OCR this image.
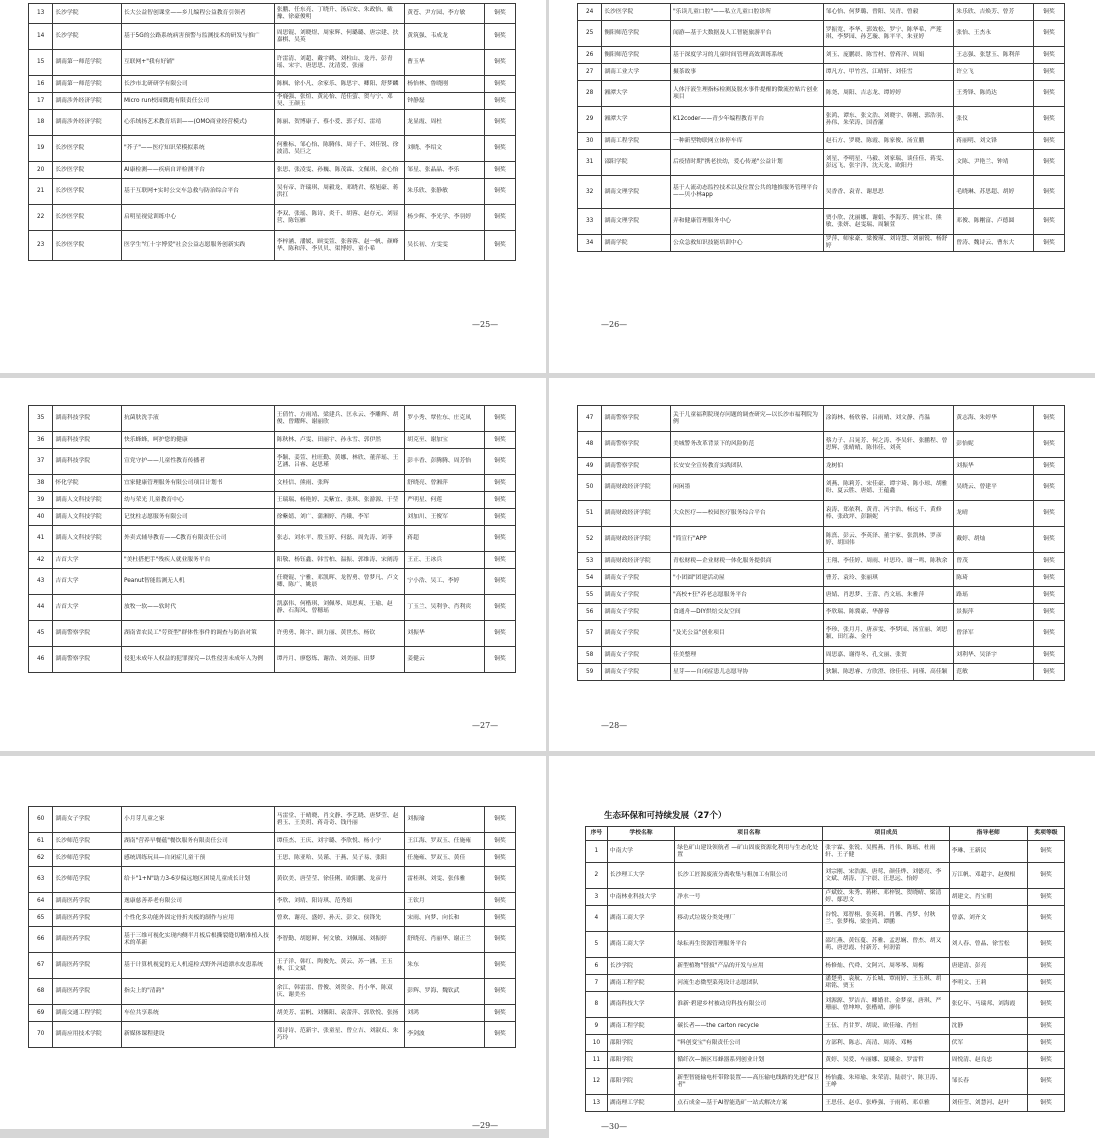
13	长沙学院	长大公益智创课堂——乡儿编程公益教育引领者	张鹏、任东亮、丁晓升、汤启安、朱政怡、戴豫、徐豪俊明	黄苍、尹方园、李方敏	铜奖
14	长沙学院	基于5G的公路系统病害预警与监测技术的研发与推广	周思锟、刘晓煜、周家辉、何璐璐、唐宗建、扶嘉棋、吴英	黄筑强、韦成龙	铜奖
15	湖南第一师范学院	互联网+"我有好铺"	许雷清、刘超、戴宇鹤、刘柱山、龙丹、彭青瑶、宋宇、唐思思、沈清爱、张丽	曹玉华	铜奖
16	湖南第一师范学院	长沙市北研研学有限公司	陈枫、徐小凡、余家乐、陈思宇、卿阳、舒梦麟	杨怡林、鲁晓刚	铜奖
17	湖南涉外经济学院	Micro run校园微跑有限责任公司	李鹿强、张煊、黄沁怡、范佳萤、贺与宁、邓昊、王颜玉	钟静磊	铜奖
18	湖南涉外经济学院	心乐绒扬艺术教育培训——(OMO商业经营模式)	陈丽、贺博康子、蔡小爱、郭子灯、雷靖	龙显霞、周杜	铜奖
19	长沙医学院	"芥子"——医疗知识荣模拟系统	何雅标、邹心怡、陈腾伟、周子千、刘佳锐、徐波清、吴巨之	刘晓、李绍文	铜奖
20	长沙医学院	AI康检测——疾病自评检测平台	张思、张凌雯、孙巍、陈茂霖、文佩琪、金心怡	邹星、张晶晶、李乐	铜奖
21	长沙医学院	基于互联网+实时公交车急救与防治综合平台	吴有帝、许瑞琪、周毅龙、邓晓君、蔡旭豪、蒋洪扛	朱乐欣、张静敏	铜奖
22	长沙医学院	启明星视觉训练中心	李双、张瑶、陈诗、炎千、胡蓉、赵存元、刘显营、陈钰雁	杨少辉、李光学、李羽婷	铜奖
23	长沙医学院	医学生"红十字博爱"社会公益志愿服务创新实践	李梓涵、潘媛、顾雯萱、张蓉蓉、赵一帆、颜峰华、陈和萍、李贝贝、渠博婷、童小希	吴长初、方雯雯	铜奖
—25—
24	长沙医学院	"乐读儿童口腔"——私立儿童口腔诊所	邹心怡、何梦璐、曾阳、吴青、曾毅	朱乐欣、吉焕芳、曾芳	铜奖
25	衡阳师范学院	闻游—基于大数据及人工智能旅游平台	罗振宽、李华、郭效松、罗宁、陈华希、严莲琪、李梦园、孙艺璇、陈平平、朱亚婷	张怡、王杰永	铜奖
26	衡阳师范学院	基于深度学习的儿童时间管理高效训练系统	刘玉、庞鹏晨、陈雪村、曾蒋洋、周娟	王志强、张慧玉、陈利萍	铜奖
27	湖南工业大学	摄茶故事	谭凡方、甲竹宫、江晴轩、刘佳雪	许立飞	铜奖
28	湘潭大学	人体汗液生理指标检测及脱水事件提醒的微流控贴片创业项目	陈尧、周阳、吉志龙、谭婷婷	王秀锋、陈尚达	铜奖
29	湘潭大学	K12coder——青少年编程教育平台	张鸿、谭东、张文浩、刘晓宇、韩刚、郭浩羽、孙伟、朱荣涛、国香灌	张仪	铜奖
30	湖南工程学院	一种新型物联网立体停车库	赵石方、罗晓、陈霞、陈家俊、汤宣鹏	蒋丽明、刘文锋	铜奖
31	邵阳学院	后疫情时期"携老扶幼，爱心传递"公益计划	刘星、李明星、马毅、刘家瑞、谈佳佳、蒋雯、彭远飞、张宇洋、沈天龙、欧阳丹	文陈、尹艳兰、钟靖	铜奖
32	湖南文理学院	基于人流动态监控技术以及位置公共的地推服务管理平台——贝小林app	吴香香、袁青、谢思思	毛晓琳、苏思超、胡婷	铜奖
33	湖南文理学院	弄和健康管理服务中心	贾小欣、沈丽娜、谢娟、李海芳、熊宝君、熊敏、张妍、赵雯瑞、周颖萱	邓俊、陈剛富、卢德圆	铜奖
34	湖南学院	公众急救知识技能培训中心	罗萍、师家豪、梁俊瑾、刘诗慧、刘丽锐、杨舒婷	曾涛、魏诗云、曹东大	铜奖
—26—
35	湖南科技学院	抗菌肤洗手液	王倩竹、方雨靖、梁建兵、匡永云、李雕辉、胡俊、曾耀辉、谢丽欣	罗小秀、覃佐东、庄克凤	铜奖
36	湖南科技学院	快乐蜂蜂，呵护您的健康	陈秋林、卢雯、田丽宇、孙永雪、郭伊然	胡克至、谢加宝	铜奖
37	湖南科技学院	宣党守护——儿童性教育传播者	李颖、姜萱、杜旺勤、黄娜、林欣、董萍瑶、王艺涵、吕睿、赵思瑾	彭丰香、彭腾腾、周芳怡	铜奖
38	怀化学院	宜家健康管理服务有限公司项目计划书	文桂信、熊雨、张辉	舒晓亮、曾湘萍	铜奖
39	湖南人文科技学院	幼与荣光 儿童教育中心	王瑞瑞、杨艳婷、关紫宜、张琪、张游源、于莹	严明星、何莲	铜奖
40	湖南人文科技学院	记忱柱志愿服务有限公司	徐紫婧、刘广、蒲湘婷、肖娥、李军	刘加川、王俊军	铜奖
41	湖南人文科技学院	外卖式辅导教育——C教育有限责任公司	张志、刘水平、殷玉婷、何磊、周先涛、刘菲	蒋超	铜奖
42	吉首大学	"美杜搭把手"残疾人就业服务平台	阳敬、杨钰鑫、韩雪柏、温振、郭维涛、宋阐涛	王正、王冰兵	铜奖
43	吉首大学	Peanut智能监测无人机	任晓锟、宁雅、邓凯晖、龙智勇、曾梦凡、卢文卿、陈广、姚晨	宁小浩、吴工、李婷	铜奖
44	吉首大学	放牧一软——软时代	凯嘉伟、何楷琪、刘佩琴、周思爽、王瑜、赵静、石海风、曾穗瑶	丁玉兰、吴利争、肖利宾	铜奖
45	湖南警察学院	湖南省农民工"劳资型"群体性事件的调查与防治对策	许勇勇、陈宇、顾力丽、黄世杰、杨钦	刘振华	铜奖
46	湖南警察学院	侵犯未成年人权益的犯罪探究—以性侵害未成年人为例	谭丹月、廖悠炼、谢浩、刘美丽、田梦	姜健云	铜奖
—27—
47	湖南警察学院	关于儿童福利院现存问题的调查研究—以长沙市福利院为例	涂海林、杨欣蓉、吕雨晴、刘文静、肖温	黄志海、朱婷华	铜奖
48	湖南警察学院	美城警务改革背景下的风险防范	蔡力子、吕晃芳、何之涛、李吴轩、张鹏程、曾思辉、张晴晴、陈伟佳、刘英	彭怡妮	铜奖
49	湖南警察学院	长安安全宣传教育实践团队	龙树伯	刘振华	铜奖
50	湖南财政经济学院	闲闲墨	刘燕、陈莉芳、宋佳豪、谭宇琦、陈小琼、胡雅纷、夏云胜、唐婧、王蕴鑫	吴晓云、曾建平	铜奖
51	湖南财政经济学院	大众医疗——校园医疗服务综合平台	袁涛、郑依利、黄青、冯宇浩、杨远千、黄修棒、张政坪、彭颖妮	龙晴	铜奖
52	湖南财政经济学院	"简宣行"APP	陈熹、彭云、李英泽、董宇家、张凯林、罗彦婷、胡国伟	戴婷、胡灿	铜奖
53	湖南财政经济学院	青松财税—企业财税一体化服务提供商	王翔、李佳婷、周雨、叶思玲、谢一鸣、陈秋余	曾茂	铜奖
54	湖南女子学院	"小团圆"团建活动屋	曹芳、袁玲、张丽琪	陈琦	铜奖
55	湖南女子学院	"高校+狂"养老志愿服务平台	唐婧、肖思梦、王蕾、肖文瑶、朱雅萍	路瑶	铜奖
56	湖南女子学院	食通舟—DIY烘焙交友空间	李欣瑞、陈冀豪、华静蓉	景振萍	铜奖
57	湖南女子学院	"及光公益"创业项目	李珍、张月月、唐彦雯、李梦园、汤宣丽、刘思颖、田红淼、金丹	曾泽军	铜奖
58	湖南女子学院	佳美整理	周思嘉、谢得冬、孔文丽、张贺	刘利华、吴泽宇	铜奖
59	湖南女子学院	星芽——自闭症患儿志愿导协	狄颖、陈思睿、方欣澄、徐佳佳、同瑾、高佳颖	范敏	铜奖
—28—
60	湖南女子学院	小月芽儿童之家	马雷堂、于晴晓、肖文静、李艺晓、唐梦莹、赵碧玉、王美玥、蒋奇奇、钱丹丽	刘振瑜	铜奖
61	长沙师范学院	湖南"营养早餐蕴"餐饮服务有限责任公司	谭佳杰、王庆、刘宇璐、李欣悦、杨小宁	王江海、罗双玉、任施雍	铜奖
62	长沙师范学院	感统训练玩具—自闭症儿童干预	王思、陈亚哈、吴谨、于燕、吴子易、张阳	任施雍、罗双玉、黄佳	铜奖
63	长沙师范学院	给卡"1+N"助力3-6岁偏远地区困境儿童成长计划	黄钦美、唐莹莹、徐佳俐、欧阳鹏、龙彦丹	雷桂琪、刘雯、张伟雅	铜奖
64	湖南医药学院	逸康慈善养老有限公司	李欣、刘靖、阳诗琪、范秀娟	王钦月	铜奖
65	湖南医药学院	个性化多功能外固定骨折夹板的制作与应用	曾欢、谢亮、盛婷、孙天、彭文、侯锋先	宋雨、向梦、向长和	铜奖
66	湖南医药学院	基于三维可视化实现内侧半月板后根撕裂缝切精准植入技术的革新	李智勤、胡愿鲜、何文敏、刘佩瑶、刘振婷	舒晓亮、肖丽华、谢正兰	铜奖
67	湖南医药学院	基于计算机视觉的无人机巡检式野外河道漂水皮患系统	王子洋、韩红、陶俊先、黄云、苏一涵、王玉林、江文斌	朱东	铜奖
68	湖南医药学院	指尖上的"清韵"	余江、韩雷雷、曾俊、刘贺金、肖小华、陈双庆、谢美丞	彭辉、罗海、魏钦武	铜奖
69	湖南交通工程学院	车位共享系统	胡美芳、雷帆、刘馨阳、袁蕾萍、郭欣悦、张扬	刘鸿	铜奖
70	湖南应用技术学院	新媒体课程建设	邓诗诗、范新宇、张童星、曾立吉、刘淑贞、朱巧玲	李剑波	铜奖
—29—
生态环保和可持续发展（27个）
序号	学校名称	项目名称	项目成员	指导老师	奖项等级
1	中南大学	绿色矿山建设领航者 —矿山固废资源化利用与生态化处置	张宇霖、张锐、吴熙燕、肖伟、陈瑶、杜雨轩、王子健	李琳、王新民	铜奖
2	长沙理工大学	长沙工匠源废液分离收集与粗加工有限公司	刘宗刚、宋浩源、唐莺、颜佳烨、刘德亮、李文斌、胡涛、丁宇晨、汪思远、怡婷	万江帆、邓超宇、赵俊根	铜奖
3	中南林业科技大学	净水一号	卢斌姣、朱秀、蒋彬、邓梓锐、贺晓晴、梁清婷、鄢思文	胡建文、肖宝朝	铜奖
4	湖南工商大学	移动式垃圾分类处理厂	谷悦、郑智栩、张英莉、肖馨、肖梦、付秋兰、张梦梅、梁奎鸿、谭鹏	曾嘉、刘齐文	铜奖
5	湖南工商大学	绿耘再生资源管理服务平台	邵红燕、黄钰蔓、苏雅、孟思娴、曾杰、胡又萌、唐思霞、付新芳、何润蕾	刘人春、曾晶、徐雪松	铜奖
6	长沙学院	新型植物"替拔"产品的开发与应用	杨修灿、代舜、文阿兴、周琴琴、周梅	唐建清、彭亮	铜奖
7	湖南工程学院	河流生态微型菜苑设计志愿团队	潘楚勇、袁航、万长城、覃雨婷、王玉琪、胡珺铭、贾玉	李明文、王莉	铜奖
8	湖南科技大学	淮新·碧建乡村被动房科技有限公司	刘源源、罗洁吉、卿婚君、金梦童、唐琪、严珊丽、曾坤坤、张楷晴、廖伟	张亿年、马瑞邦、刘海霞	铜奖
9	湖南工程学院	碳长者——the carton recycle	王伍、肖甘罗、胡说、欧佳瑜、肖恒	沈静	铜奖
10	邵阳学院	"料创变宝"有限责任公司	方部利、陈志、高清、周涛、邓畅	伏军	铜奖
11	邵阳学院	循纤次—渐区耳蜂器系列创业计划	黄婷、吴爱、车丽娜、夏曦金、罗雷哲	周悦清、赵良忠	铜奖
12	邵阳学院	新型智能输电杆带除装置——高压输电线路的先进"保卫者"	杨怡鑫、朱璋瑜、朱荣清、陆晨宁、陈卫涛、王峥	邹长春	铜奖
13	湖南理工学院	点石成金—基于AI智能选矿一站式解决方案	王思佳、赵卓、张峥强、于雨萌、邓卓雅	刘佳莹、刘慧河、赵叶	铜奖
—30—
